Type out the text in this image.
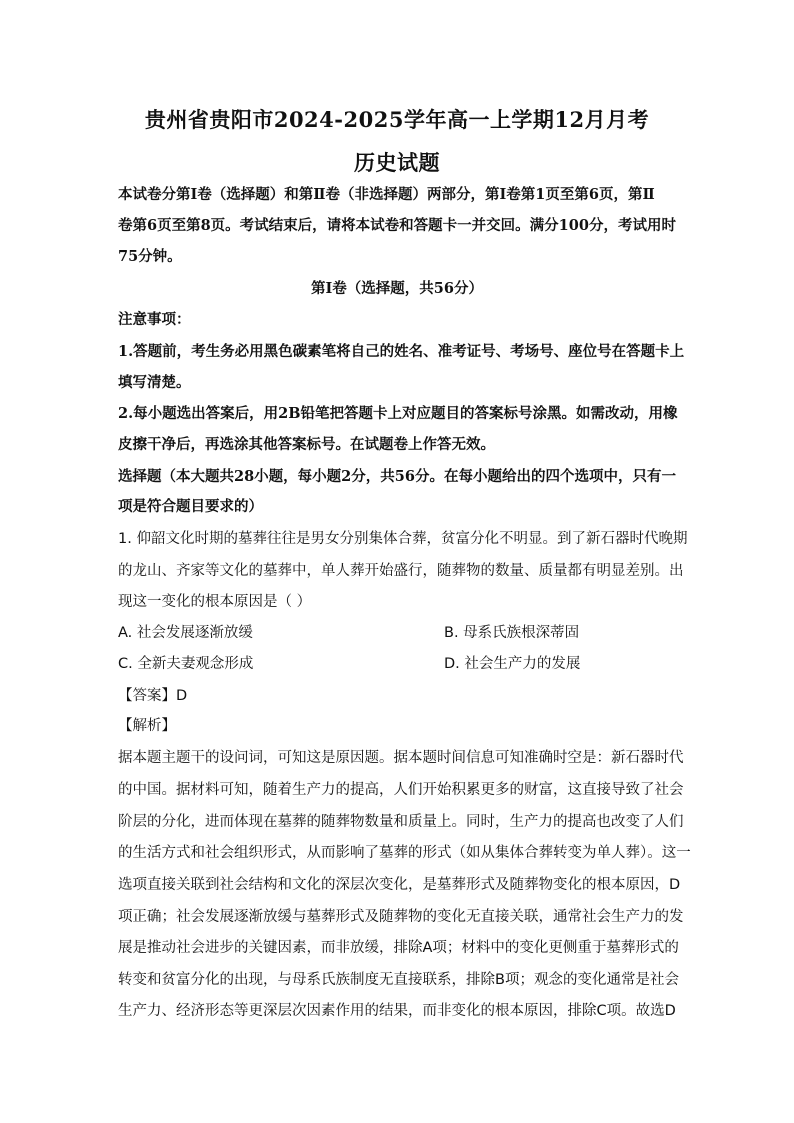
贵州省贵阳市2024-2025学年高一上学期12月月考
历史试题
本试卷分第Ⅰ卷（选择题）和第Ⅱ卷（非选择题）两部分，第Ⅰ卷第1页至第6页，第Ⅱ
卷第6页至第8页。考试结束后，请将本试卷和答题卡一并交回。满分100分，考试用时
75分钟。
第Ⅰ卷（选择题，共56分）
注意事项：
1.答题前，考生务必用黑色碳素笔将自己的姓名、准考证号、考场号、座位号在答题卡上
填写清楚。
2.每小题选出答案后，用2B铅笔把答题卡上对应题目的答案标号涂黑。如需改动，用橡
皮擦干净后，再选涂其他答案标号。在试题卷上作答无效。
选择题（本大题共28小题，每小题2分，共56分。在每小题给出的四个选项中，只有一
项是符合题目要求的）
1. 仰韶文化时期的墓葬往往是男女分别集体合葬，贫富分化不明显。到了新石器时代晚期
的龙山、齐家等文化的墓葬中，单人葬开始盛行，随葬物的数量、质量都有明显差别。出
现这一变化的根本原因是（ ）
A. 社会发展逐渐放缓	B. 母系氏族根深蒂固
C. 全新夫妻观念形成	D. 社会生产力的发展
【答案】D
【解析】
据本题主题干的设问词，可知这是原因题。据本题时间信息可知准确时空是：新石器时代
的中国。据材料可知，随着生产力的提高，人们开始积累更多的财富，这直接导致了社会
阶层的分化，进而体现在墓葬的随葬物数量和质量上。同时，生产力的提高也改变了人们
的生活方式和社会组织形式，从而影响了墓葬的形式（如从集体合葬转变为单人葬）。这一
选项直接关联到社会结构和文化的深层次变化，是墓葬形式及随葬物变化的根本原因，D
项正确；社会发展逐渐放缓与墓葬形式及随葬物的变化无直接关联，通常社会生产力的发
展是推动社会进步的关键因素，而非放缓，排除A项；材料中的变化更侧重于墓葬形式的
转变和贫富分化的出现，与母系氏族制度无直接联系，排除B项；观念的变化通常是社会
生产力、经济形态等更深层次因素作用的结果，而非变化的根本原因，排除C项。故选D
